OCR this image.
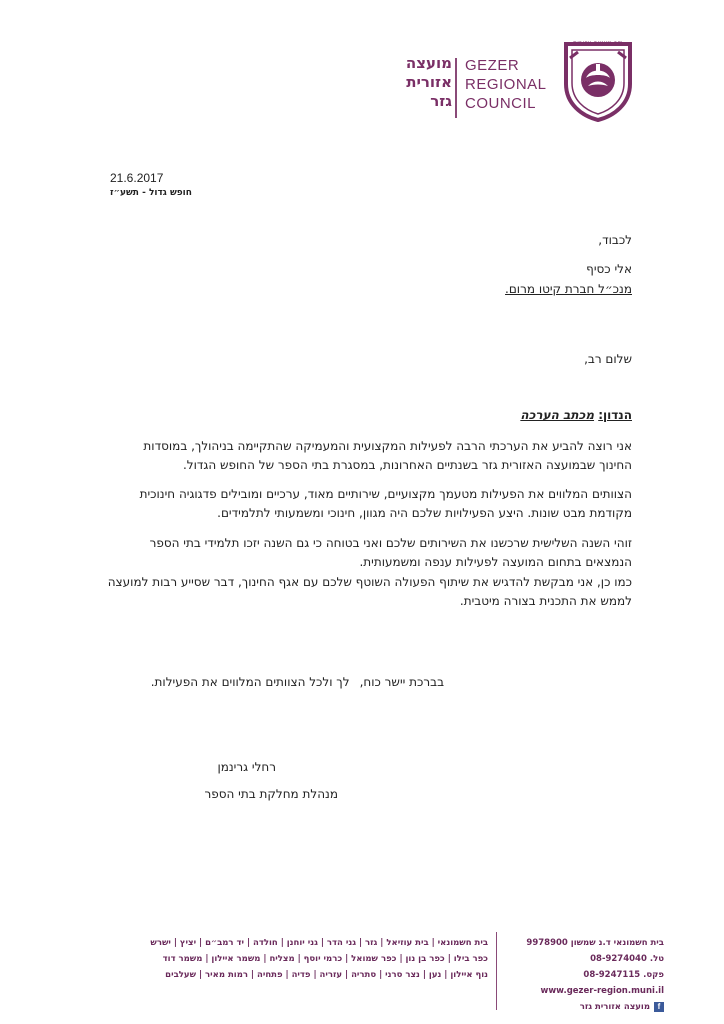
גזר מועצה אזורית
מועצה
אזורית
גזר
GEZER
REGIONAL
COUNCIL
21.6.2017
חופש גדול - תשע״ז
לכבוד,
אלי כסיף
מנכ״ל חברת קיטו מרום.
שלום רב,
הנדון: מכתב הערכה
אני רוצה להביע את הערכתי הרבה לפעילות המקצועית והמעמיקה שהתקיימה בניהולך, במוסדות
החינוך שבמועצה האזורית גזר בשנתיים האחרונות, במסגרת בתי הספר של החופש הגדול.
הצוותים המלווים את הפעילות מטעמך מקצועיים, שירותיים מאוד, ערכיים ומובילים פדגוגיה חינוכית
מקודמת מבט שונות. היצע הפעילויות שלכם היה מגוון, חינוכי ומשמעותי לתלמידים.
זוהי השנה השלישית שרכשנו את השירותים שלכם ואני בטוחה כי גם השנה יזכו תלמידי בתי הספר
הנמצאים בתחום המועצה לפעילות ענפה ומשמעותית.
כמו כן, אני מבקשת להדגיש את שיתוף הפעולה השוטף שלכם עם אגף החינוך, דבר שסייע רבות למועצה
לממש את התכנית בצורה מיטבית.
בברכת יישר כוח,לך ולכל הצוותים המלווים את הפעילות.
רחלי גרינמן
מנהלת מחלקת בתי הספר
בית חשמונאי ד.נ שמשון 9978900
טל. 08-9274040
פקס. 08-9247115
www.gezer-region.muni.il
fמועצה אזורית גזר
בית חשמונאי | בית עוזיאל | גזר | גני הדר | גני יוחנן | חולדה | יד רמב״ם | יציץ | ישרש
כפר בילו | כפר בן נון | כפר שמואל | כרמי יוסף | מצליח | משמר איילון | משמר דוד
נוף איילון | נען | נצר סרני | סתריה | עזריה | פדיה | פתחיה | רמות מאיר | שעלבים
